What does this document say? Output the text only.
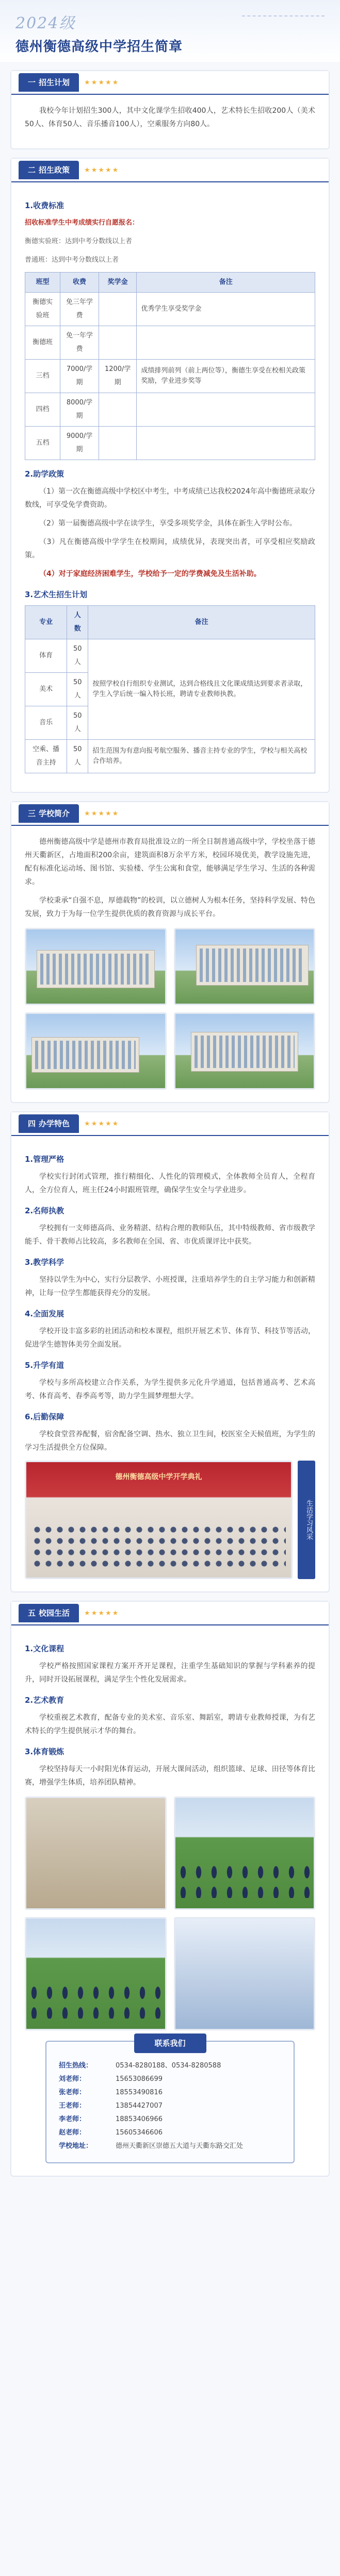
2024级
德州衡德高级中学招生简章
一 招生计划 ★★★★★

我校今年计划招生300人，其中文化课学生招收400人，艺术特长生招收200人（美术50人、体育50人、音乐播音100人），空乘服务方向80人。

二 招生政策 ★★★★★
1.收费标准

招收标准学生中考成绩实行自愿报名：

衡德实验班：达到中考分数线以上者

普通班：达到中考分数线以上者

班型	收费	奖学金	备注
衡德实验班	免三年学费		优秀学生享受奖学金
衡德班	免一年学费		
三档	7000/学期	1200/学期	成绩排列前列（前上两位等），衡德生享受在校相关政策奖励，学业进步奖等
四档	8000/学期		
五档	9000/学期		
2.助学政策

（1）第一次在衡德高级中学校区中考生，中考成绩已达我校2024年高中衡德班录取分数线，可享受免学费资助。

（2）第一届衡德高级中学在读学生，享受多项奖学金，具体在新生入学时公布。

（3）凡在衡德高级中学学生在校期间，成绩优异，表现突出者，可享受相应奖励政策。

（4）对于家庭经济困难学生，学校给予一定的学费减免及生活补助。

3.艺术生招生计划
专业	人数	备注
体育	50人	按照学校自行组织专业测试，达到合格线且文化课成绩达到要求者录取，学生入学后统一编入特长班，聘请专业教师执教。
美术	50人	
音乐	50人	
空乘、播音主持	50人	招生范围为有意向报考航空服务、播音主持专业的学生，学校与相关高校合作培养。
三 学校简介 ★★★★★

德州衡德高级中学是德州市教育局批准设立的一所全日制普通高级中学，学校坐落于德州天衢新区，占地面积200余亩，建筑面积8万余平方米，校园环境优美，教学设施先进，配有标准化运动场、图书馆、实验楼、学生公寓和食堂，能够满足学生学习、生活的各种需求。

学校秉承“自强不息，厚德载物”的校训，以立德树人为根本任务，坚持科学发展、特色发展，致力于为每一位学生提供优质的教育资源与成长平台。

四 办学特色 ★★★★★
1.管理严格

学校实行封闭式管理，推行精细化、人性化的管理模式，全体教师全员育人，全程育人，全方位育人，班主任24小时跟班管理，确保学生安全与学业进步。

2.名师执教

学校拥有一支师德高尚、业务精湛、结构合理的教师队伍，其中特级教师、省市级教学能手、骨干教师占比较高，多名教师在全国、省、市优质课评比中获奖。

3.教学科学

坚持以学生为中心，实行分层教学、小班授课，注重培养学生的自主学习能力和创新精神，让每一位学生都能获得充分的发展。

4.全面发展

学校开设丰富多彩的社团活动和校本课程，组织开展艺术节、体育节、科技节等活动，促进学生德智体美劳全面发展。

5.升学有道

学校与多所高校建立合作关系，为学生提供多元化升学通道，包括普通高考、艺术高考、体育高考、春季高考等，助力学生圆梦理想大学。

6.后勤保障

学校食堂营养配餐，宿舍配备空调、热水、独立卫生间，校医室全天候值班，为学生的学习生活提供全方位保障。

德州衡德高级中学开学典礼
生活学习风采
五 校园生活 ★★★★★
1.文化课程

学校严格按照国家课程方案开齐开足课程，注重学生基础知识的掌握与学科素养的提升，同时开设拓展课程，满足学生个性化发展需求。

2.艺术教育

学校重视艺术教育，配备专业的美术室、音乐室、舞蹈室，聘请专业教师授课，为有艺术特长的学生提供展示才华的舞台。

3.体育锻炼

学校坚持每天一小时阳光体育运动，开展大课间活动，组织篮球、足球、田径等体育比赛，增强学生体质，培养团队精神。

联系我们
招生热线：	0534-8280188、0534-8280588
刘老师：	15653086699
张老师：	18553490816
王老师：	13854427007
李老师：	18853406966
赵老师：	15605346606
学校地址：	德州天衢新区崇德五大道与天衢东路交汇处
